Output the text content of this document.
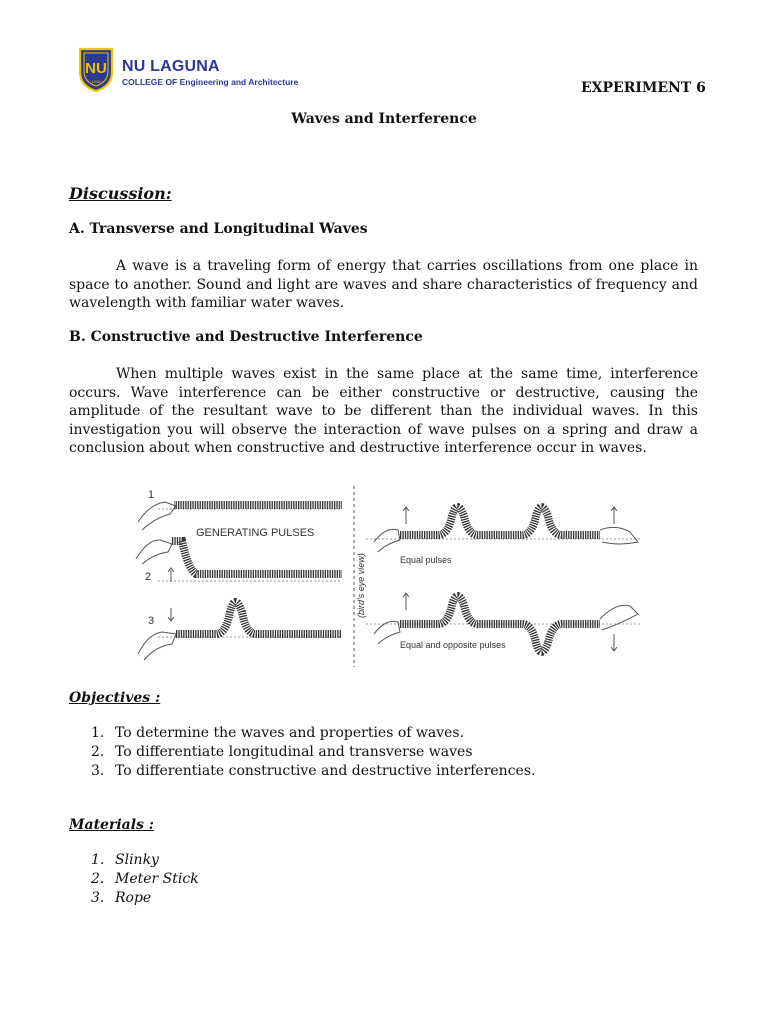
NU
1900
NU LAGUNA
COLLEGE OF Engineering and Architecture	EXPERIMENT 6
Waves and Interference
Discussion:
A. Transverse and Longitudinal Waves
A wave is a traveling form of energy that carries oscillations from one place in space to another. Sound and light are waves and share characteristics of frequency and wavelength with familiar water waves.
B. Constructive and Destructive Interference
When multiple waves exist in the same place at the same time, interference occurs. Wave interference can be either constructive or destructive, causing the amplitude of the resultant wave to be different than the individual waves. In this investigation you will observe the interaction of wave pulses on a spring and draw a conclusion about when constructive and destructive interference occur in waves.
1
2
3
GENERATING PULSES
(bird's eye view)	Equal pulses
Equal and opposite pulses
Objectives :
1. To determine the waves and properties of waves.
2. To differentiate longitudinal and transverse waves
3. To differentiate constructive and destructive interferences.
Materials :
1. Slinky
2. Meter Stick
3. Rope
